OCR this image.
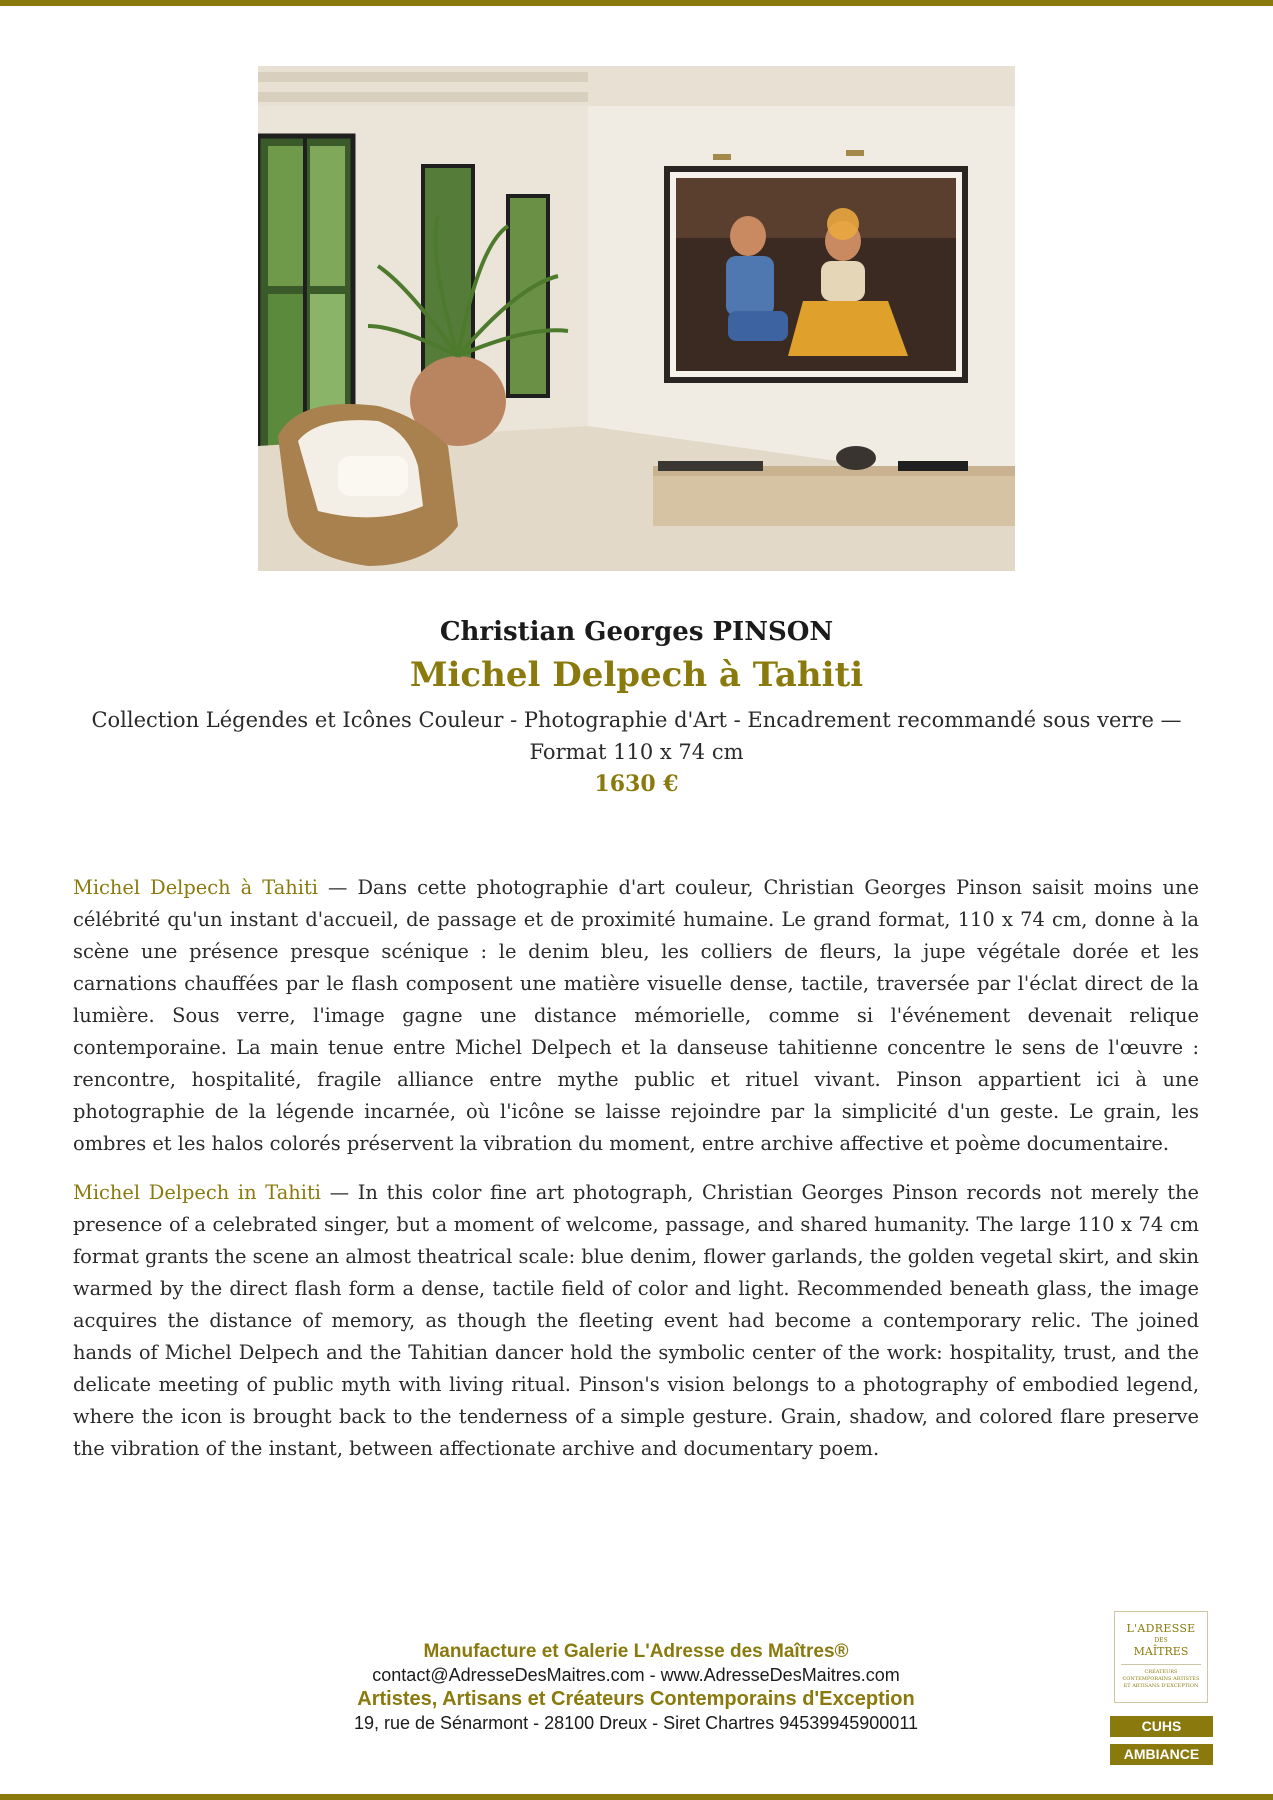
Christian Georges PINSON
Michel Delpech à Tahiti
Collection Légendes et Icônes Couleur - Photographie d'Art - Encadrement recommandé sous verre — Format 110 x 74 cm
1630 €

Michel Delpech à Tahiti — Dans cette photographie d'art couleur, Christian Georges Pinson saisit moins une célébrité qu'un instant d'accueil, de passage et de proximité humaine. Le grand format, 110 x 74 cm, donne à la scène une présence presque scénique : le denim bleu, les colliers de fleurs, la jupe végétale dorée et les carnations chauffées par le flash composent une matière visuelle dense, tactile, traversée par l'éclat direct de la lumière. Sous verre, l'image gagne une distance mémorielle, comme si l'événement devenait relique contemporaine. La main tenue entre Michel Delpech et la danseuse tahitienne concentre le sens de l'œuvre : rencontre, hospitalité, fragile alliance entre mythe public et rituel vivant. Pinson appartient ici à une photographie de la légende incarnée, où l'icône se laisse rejoindre par la simplicité d'un geste. Le grain, les ombres et les halos colorés préservent la vibration du moment, entre archive affective et poème documentaire.

Michel Delpech in Tahiti — In this color fine art photograph, Christian Georges Pinson records not merely the presence of a celebrated singer, but a moment of welcome, passage, and shared humanity. The large 110 x 74 cm format grants the scene an almost theatrical scale: blue denim, flower garlands, the golden vegetal skirt, and skin warmed by the direct flash form a dense, tactile field of color and light. Recommended beneath glass, the image acquires the distance of memory, as though the fleeting event had become a contemporary relic. The joined hands of Michel Delpech and the Tahitian dancer hold the symbolic center of the work: hospitality, trust, and the delicate meeting of public myth with living ritual. Pinson's vision belongs to a photography of embodied legend, where the icon is brought back to the tenderness of a simple gesture. Grain, shadow, and colored flare preserve the vibration of the instant, between affectionate archive and documentary poem.

Manufacture et Galerie L'Adresse des Maîtres®
contact@AdresseDesMaitres.com - www.AdresseDesMaitres.com
Artistes, Artisans et Créateurs Contemporains d'Exception
19, rue de Sénarmont - 28100 Dreux - Siret Chartres 94539945900011
L'ADRESSE
DES
MAÎTRES
CRÉATEURS CONTEMPORAINS ARTISTES ET ARTISANS D'EXCEPTION
CUHS
AMBIANCE
